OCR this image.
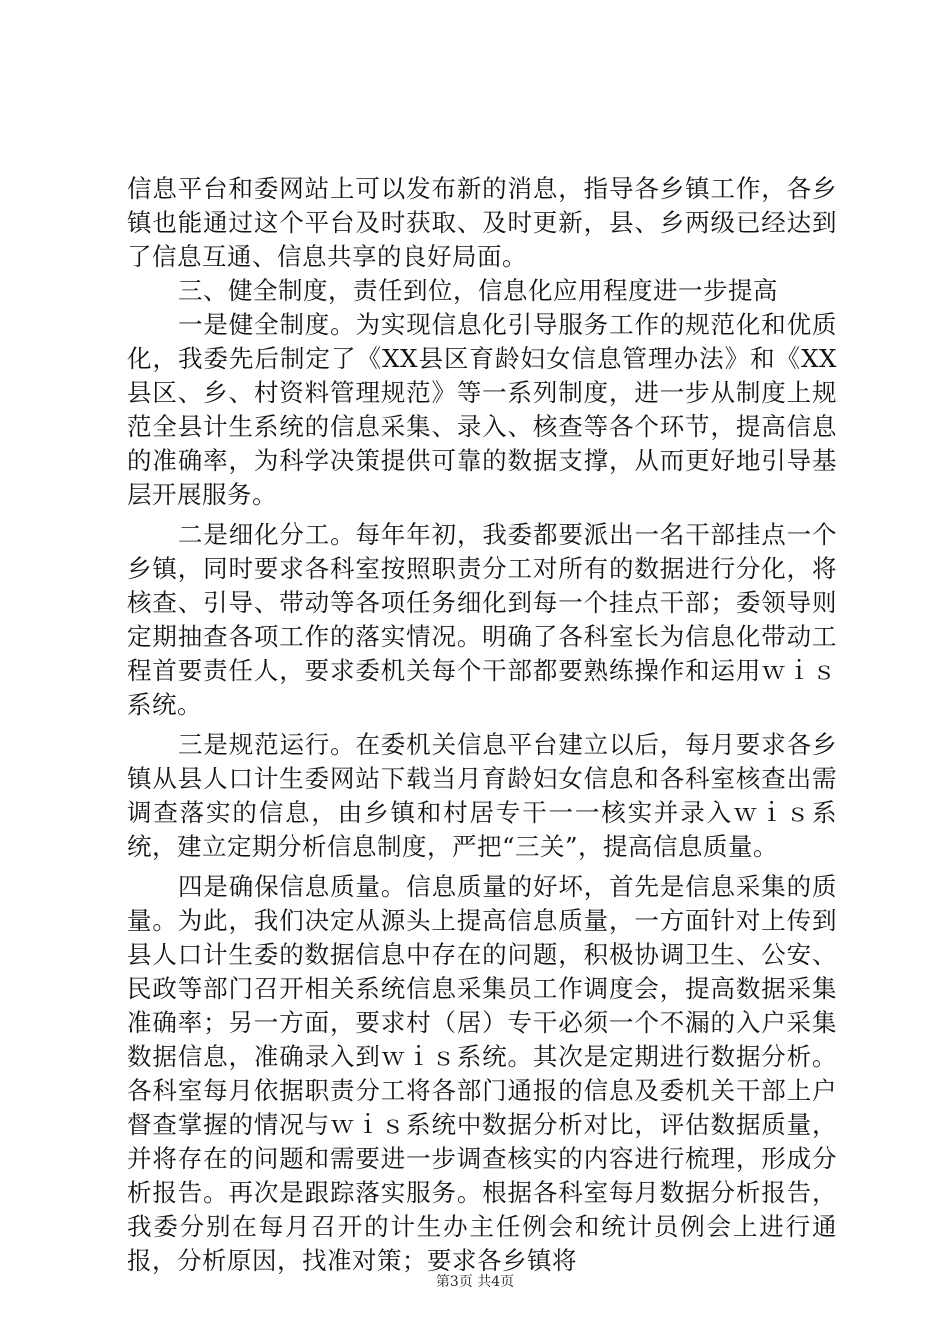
信息平台和委网站上可以发布新的消息，指导各乡镇工作，各乡镇也能通过这个平台及时获取、及时更新，县、乡两级已经达到了信息互通、信息共享的良好局面。

三、健全制度，责任到位，信息化应用程度进一步提高

一是健全制度。为实现信息化引导服务工作的规范化和优质化，我委先后制定了《XX县区育龄妇女信息管理办法》和《XX县区、乡、村资料管理规范》等一系列制度，进一步从制度上规范全县计生系统的信息采集、录入、核查等各个环节，提高信息的准确率，为科学决策提供可靠的数据支撑，从而更好地引导基层开展服务。

二是细化分工。每年年初，我委都要派出一名干部挂点一个乡镇，同时要求各科室按照职责分工对所有的数据进行分化，将核查、引导、带动等各项任务细化到每一个挂点干部；委领导则定期抽查各项工作的落实情况。明确了各科室长为信息化带动工程首要责任人，要求委机关每个干部都要熟练操作和运用ｗｉｓ系统。

三是规范运行。在委机关信息平台建立以后，每月要求各乡镇从县人口计生委网站下载当月育龄妇女信息和各科室核查出需调查落实的信息，由乡镇和村居专干一一核实并录入ｗｉｓ系统，建立定期分析信息制度，严把“三关”，提高信息质量。

四是确保信息质量。信息质量的好坏，首先是信息采集的质量。为此，我们决定从源头上提高信息质量，一方面针对上传到县人口计生委的数据信息中存在的问题，积极协调卫生、公安、民政等部门召开相关系统信息采集员工作调度会，提高数据采集准确率；另一方面，要求村（居）专干必须一个不漏的入户采集数据信息，准确录入到ｗｉｓ系统。其次是定期进行数据分析。各科室每月依据职责分工将各部门通报的信息及委机关干部上户督查掌握的情况与ｗｉｓ系统中数据分析对比，评估数据质量，并将存在的问题和需要进一步调查核实的内容进行梳理，形成分析报告。再次是跟踪落实服务。根据各科室每月数据分析报告，我委分别在每月召开的计生办主任例会和统计员例会上进行通报，分析原因，找准对策；要求各乡镇将

第3页 共4页
